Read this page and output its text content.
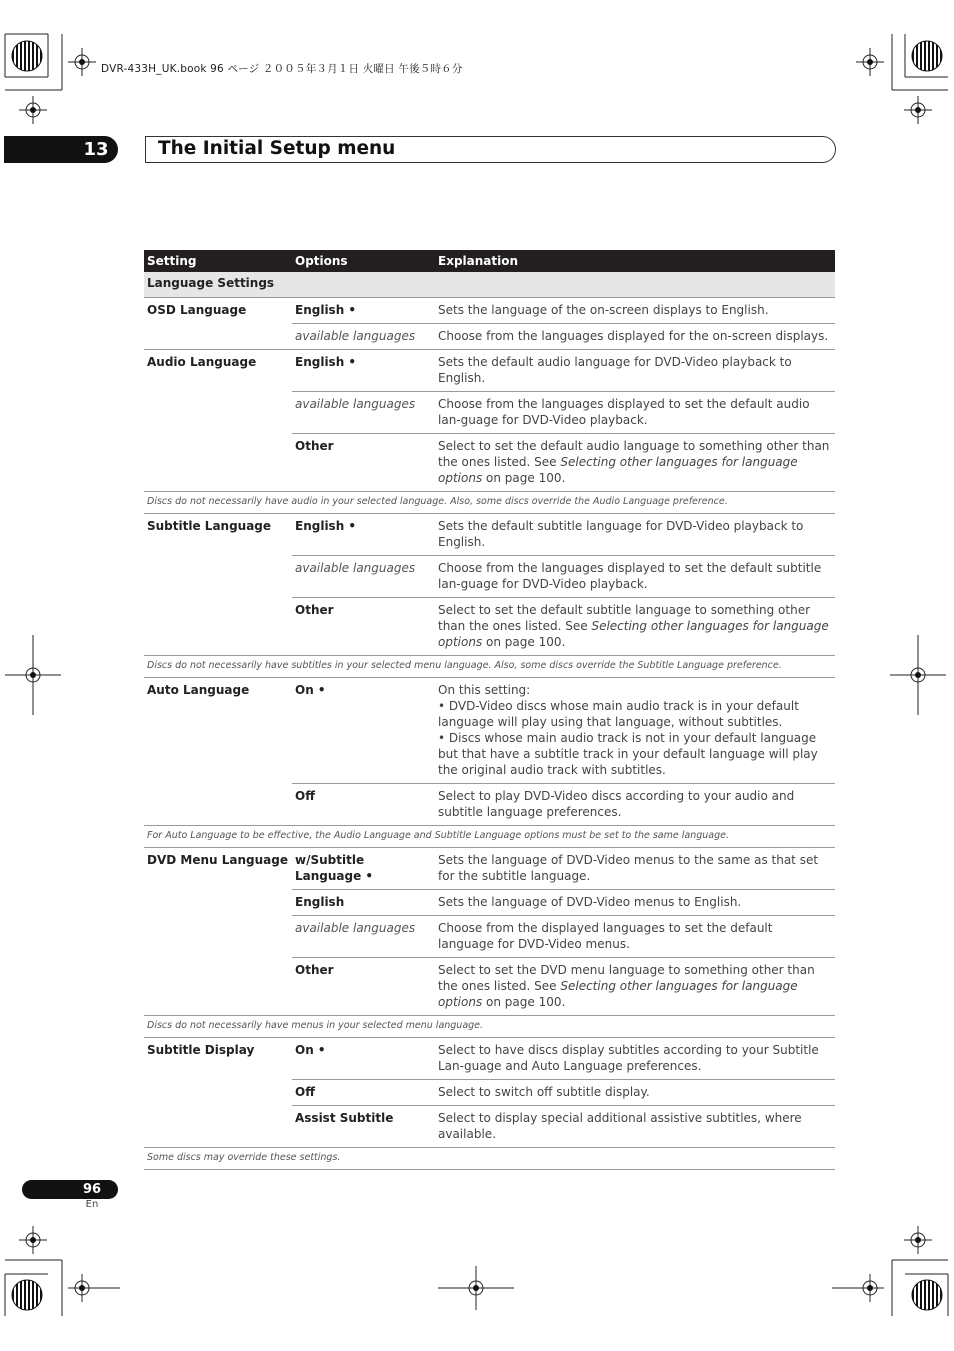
DVR-433H_UK.book 96 ページ ２００５年３月１日 火曜日 午後５時６分
13	The Initial Setup menu
Setting	Options	Explanation
Language Settings		
OSD Language	English •	Sets the language of the on-screen displays to English.
	available languages	Choose from the languages displayed for the on-screen displays.
Audio Language	English •	Sets the default audio language for DVD-Video playback to English.
	available languages	Choose from the languages displayed to set the default audio lan-guage for DVD-Video playback.
	Other	Select to set the default audio language to something other than the ones listed. See Selecting other languages for language options on page 100.
Discs do not necessarily have audio in your selected language. Also, some discs override the Audio Language preference.		
Subtitle Language	English •	Sets the default subtitle language for DVD-Video playback to English.
	available languages	Choose from the languages displayed to set the default subtitle lan-guage for DVD-Video playback.
	Other	Select to set the default subtitle language to something other than the ones listed. See Selecting other languages for language options on page 100.
Discs do not necessarily have subtitles in your selected menu language. Also, some discs override the Subtitle Language preference.		
Auto Language	On •	On this setting:
• DVD-Video discs whose main audio track is in your default language will play using that language, without subtitles.
• Discs whose main audio track is not in your default language but that have a subtitle track in your default language will play the original audio track with subtitles.

	Off	Select to play DVD-Video discs according to your audio and subtitle language preferences.
For Auto Language to be effective, the Audio Language and Subtitle Language options must be set to the same language.		
DVD Menu Language	w/Subtitle Language •	Sets the language of DVD-Video menus to the same as that set for the subtitle language.
	English	Sets the language of DVD-Video menus to English.
	available languages	Choose from the displayed languages to set the default language for DVD-Video menus.
	Other	Select to set the DVD menu language to something other than the ones listed. See Selecting other languages for language options on page 100.
Discs do not necessarily have menus in your selected menu language.		
Subtitle Display	On •	Select to have discs display subtitles according to your Subtitle Lan-guage and Auto Language preferences.
	Off	Select to switch off subtitle display.
	Assist Subtitle	Select to display special additional assistive subtitles, where available.
Some discs may override these settings.		
96
En
